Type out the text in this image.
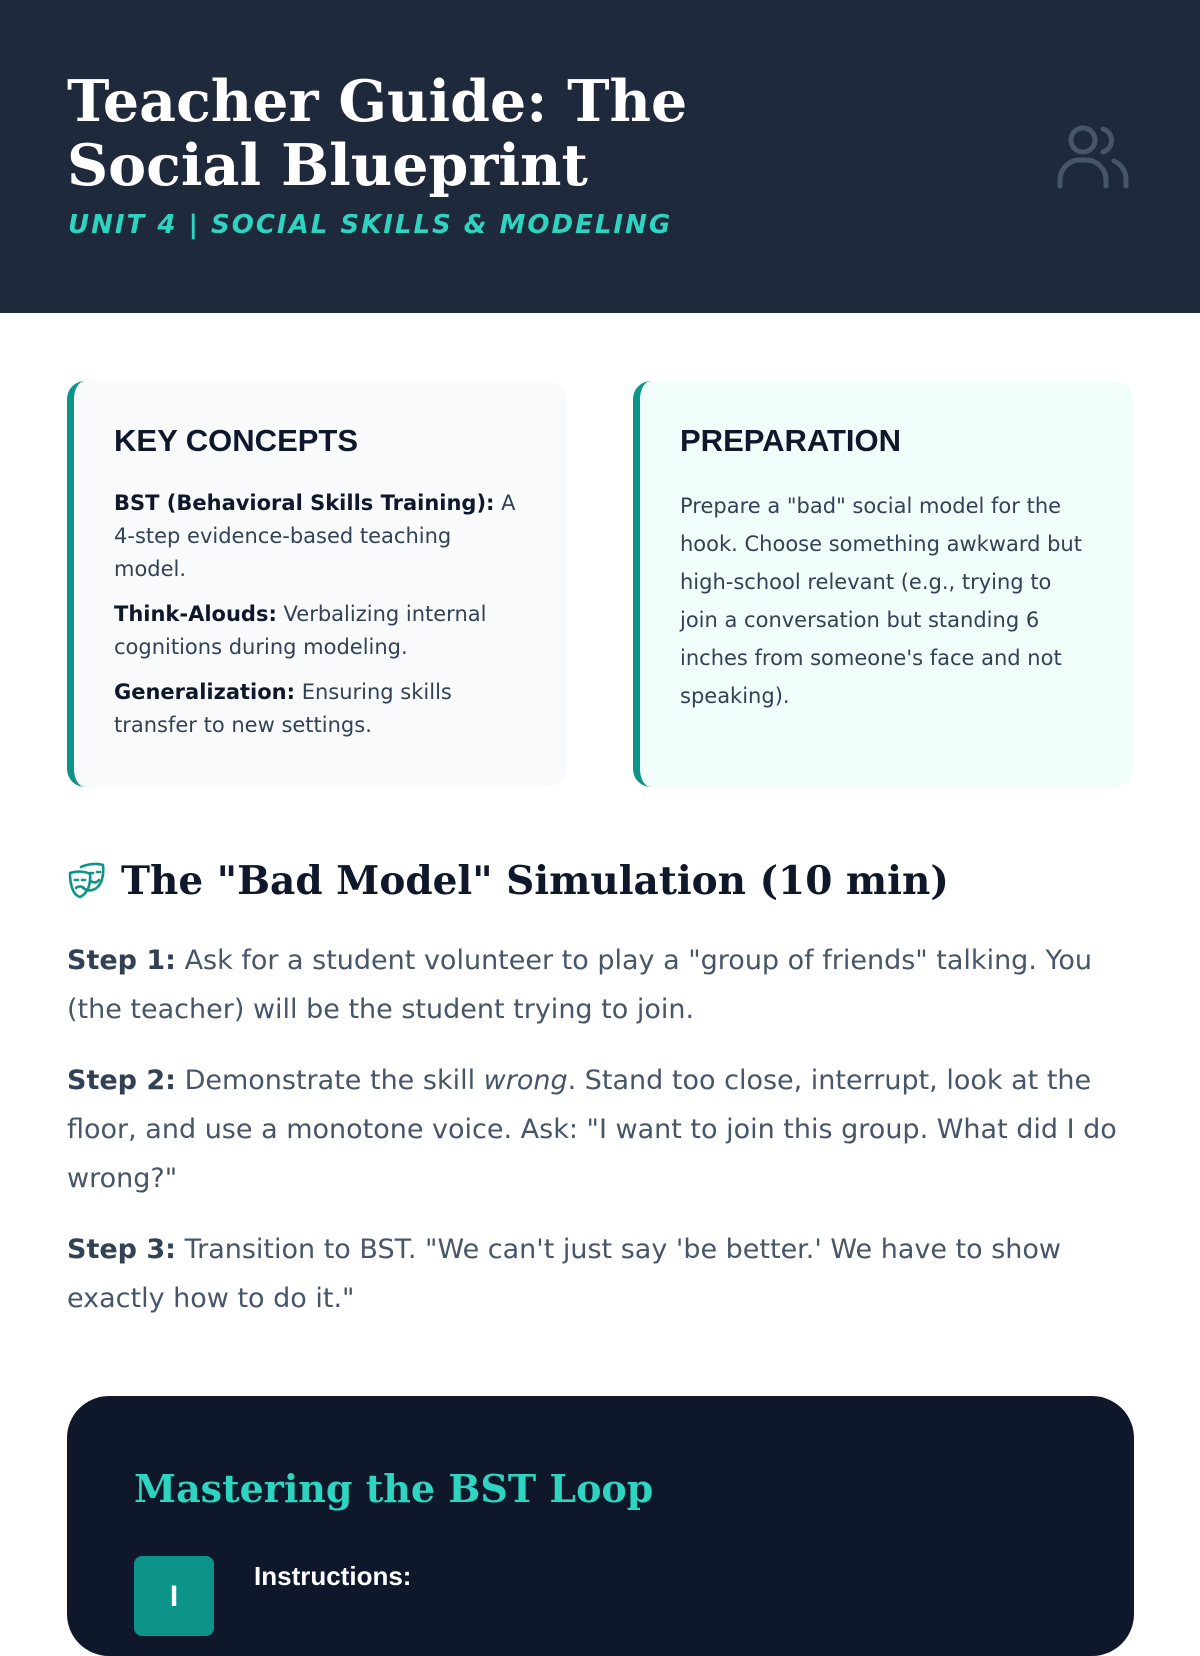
Teacher Guide: The Social Blueprint
UNIT 4 | SOCIAL SKILLS & MODELING
KEY CONCEPTS

BST (Behavioral Skills Training): A 4-step evidence-based teaching model.

Think-Alouds: Verbalizing internal cognitions during modeling.

Generalization: Ensuring skills transfer to new settings.

PREPARATION

Prepare a "bad" social model for the hook. Choose something awkward but high-school relevant (e.g., trying to join a conversation but standing 6 inches from someone's face and not speaking).

The "Bad Model" Simulation (10 min)

Step 1: Ask for a student volunteer to play a "group of friends" talking. You (the teacher) will be the student trying to join.

Step 2: Demonstrate the skill wrong. Stand too close, interrupt, look at the floor, and use a monotone voice. Ask: "I want to join this group. What did I do wrong?"

Step 3: Transition to BST. "We can't just say 'be better.' We have to show exactly how to do it."

Mastering the BST Loop
I
Instructions:
